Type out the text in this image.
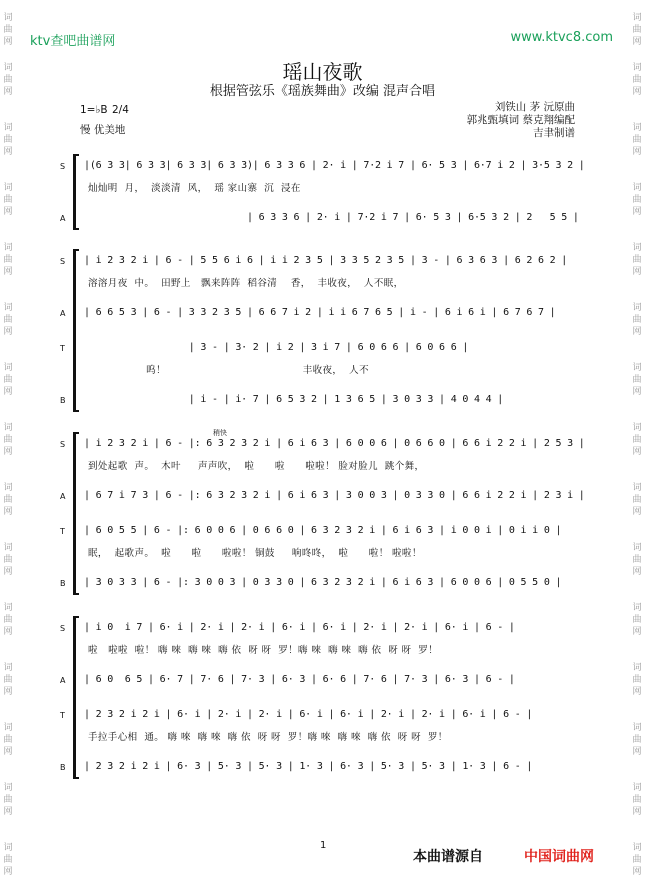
词
曲
网
词
曲
网
词
曲
网
词
曲
网
词
曲
网
词
曲
网
词
曲
网
词
曲
网
词
曲
网
词
曲
网
词
曲
网
词
曲
网
词
曲
网
词
曲
网
词
曲
网
词
曲
网
词
曲
网
词
曲
网
词
曲
网
词
曲
网
词
曲
网
词
曲
网
词
曲
网
词
曲
网
词
曲
网
词
曲
网
词
曲
网
词
曲
网
词
曲
网
词
曲
网
ktv查吧曲谱网	www.ktvc8.com
瑶山夜歌
根据管弦乐《瑶族舞曲》改编 混声合唱
1=♭B 2/4
慢 优美地
刘铁山 茅 沅原曲
郭兆甄填词 蔡克翔编配
吉聿制谱
S |(6 3 3| 6 3 3| 6 3 3| 6 3 3)| 6 3 3 6 | 2· i | 7·2 i 7 | 6· 5 3 | 6·7 i 2 | 3·5 3 2 |
灿灿明  月，  淡淡清  风，  瑶 家山寨  沉  浸在
A | 6 3 3 6 | 2· i | 7·2 i 7 | 6· 5 3 | 6·5 3 2 | 2   5 5 |
S | i 2 3 2 i | 6 - | 5 5 6 i 6 | i i 2 3 5 | 3 3 5 2 3 5 | 3 - | 6 3 6 3 | 6 2 6 2 |
溶溶月夜  中。  田野上   飘来阵阵  稻谷清    香，  丰收夜，  人不眠，
A | 6 6 5 3 | 6 - | 3 3 2 3 5 | 6 6 7 i 2 | i i 6 7 6 5 | i - | 6 i 6 i | 6 7 6 7 |
T | 3 - | 3· 2 | i 2 | 3 i 7 | 6 0 6 6 | 6 0 6 6 |
呜！                                        丰收夜，  人不
B | i - | i· 7 | 6 5 3 2 | 1 3 6 5 | 3 0 3 3 | 4 0 4 4 |
S | i 2 3 2 i | 6 - |: 6 3 2 3 2 i | 6 i 6 3 | 6 0 0 6 | 0 6 6 0 | 6 6 i 2 2 i | 2 5 3 |
到处起歌  声。  木叶     声声吹，  啦      啦      啦啦！ 脸对脸儿  跳个舞，
A | 6 7 i 7 3 | 6 - |: 6 3 2 3 2 i | 6 i 6 3 | 3 0 0 3 | 0 3 3 0 | 6 6 i 2 2 i | 2 3 i |
T | 6 0 5 5 | 6 - |: 6 0 0 6 | 0 6 6 0 | 6 3 2 3 2 i | 6 i 6 3 | i 0 0 i | 0 i i 0 |
眠，  起歌声。  啦      啦      啦啦！ 铜鼓     响咚咚，  啦      啦！ 啦啦！
B | 3 0 3 3 | 6 - |: 3 0 0 3 | 0 3 3 0 | 6 3 2 3 2 i | 6 i 6 3 | 6 0 0 6 | 0 5 5 0 |
S | i 0  i 7 | 6· i | 2· i | 2· i | 6· i | 6· i | 2· i | 2· i | 6· i | 6 - |
啦   啦啦  啦！ 嗨 唻  嗨 唻  嗨 依  呀 呀  罗！嗨 唻  嗨 唻  嗨 依  呀 呀  罗！
A | 6 0  6 5 | 6· 7 | 7· 6 | 7· 3 | 6· 3 | 6· 6 | 7· 6 | 7· 3 | 6· 3 | 6 - |
T | 2 3 2 i 2 i | 6· i | 2· i | 2· i | 6· i | 6· i | 2· i | 2· i | 6· i | 6 - |
手拉手心相  通。 嗨 唻  嗨 唻  嗨 依  呀 呀  罗！嗨 唻  嗨 唻  嗨 依  呀 呀  罗！
B | 2 3 2 i 2 i | 6· 3 | 5· 3 | 5· 3 | 1· 3 | 6· 3 | 5· 3 | 5· 3 | 1· 3 | 6 - |
稍快
1
本曲谱源自	中国词曲网
